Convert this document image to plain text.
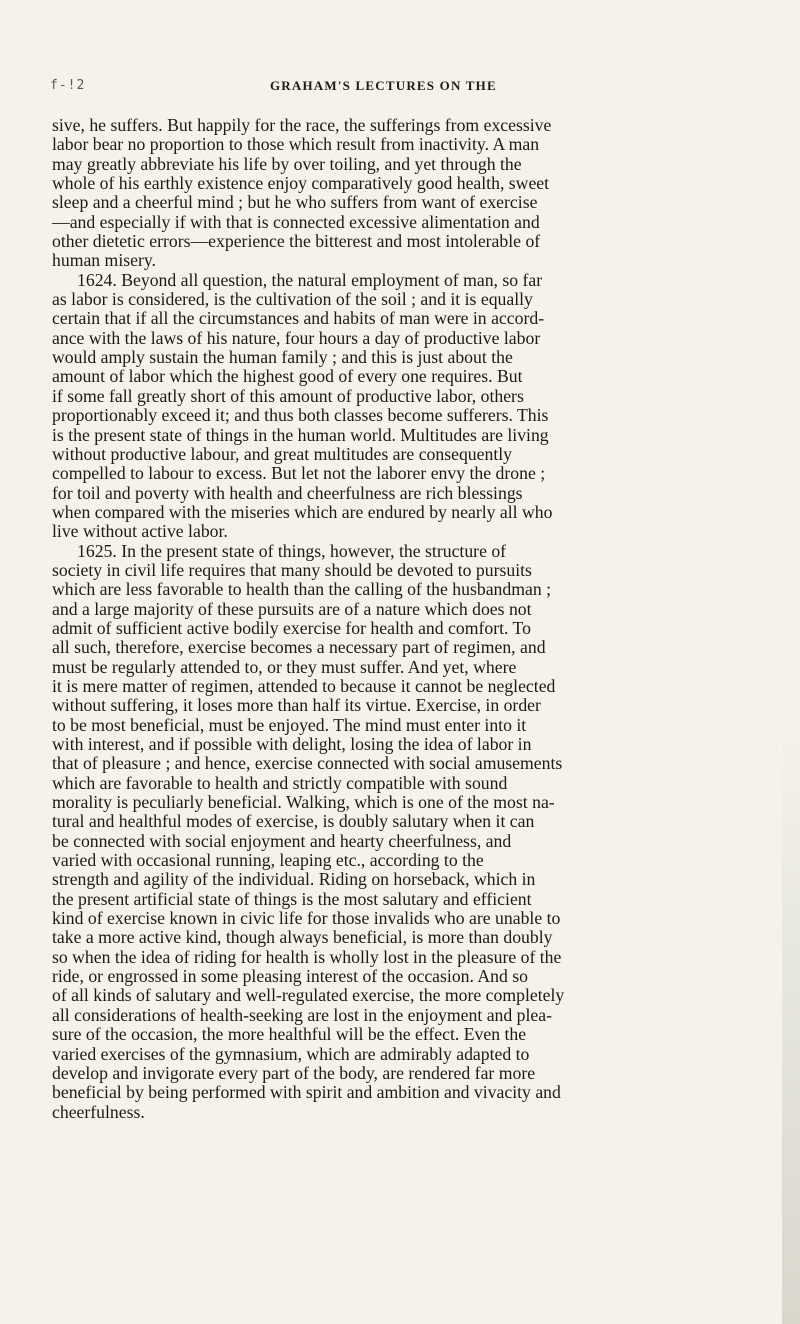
f-!2	GRAHAM'S LECTURES ON THE
sive, he suffers. But happily for the race, the sufferings from excessive
labor bear no proportion to those which result from inactivity. A man
may greatly abbreviate his life by over toiling, and yet through the
whole of his earthly existence enjoy comparatively good health, sweet
sleep and a cheerful mind ; but he who suffers from want of exercise
—and especially if with that is connected excessive alimentation and
other dietetic errors—experience the bitterest and most intolerable of
human misery.
1624. Beyond all question, the natural employment of man, so far
as labor is considered, is the cultivation of the soil ; and it is equally
certain that if all the circumstances and habits of man were in accord-
ance with the laws of his nature, four hours a day of productive labor
would amply sustain the human family ; and this is just about the
amount of labor which the highest good of every one requires. But
if some fall greatly short of this amount of productive labor, others
proportionably exceed it; and thus both classes become sufferers. This
is the present state of things in the human world. Multitudes are living
without productive labour, and great multitudes are consequently
compelled to labour to excess. But let not the laborer envy the drone ;
for toil and poverty with health and cheerfulness are rich blessings
when compared with the miseries which are endured by nearly all who
live without active labor.
1625. In the present state of things, however, the structure of
society in civil life requires that many should be devoted to pursuits
which are less favorable to health than the calling of the husbandman ;
and a large majority of these pursuits are of a nature which does not
admit of sufficient active bodily exercise for health and comfort. To
all such, therefore, exercise becomes a necessary part of regimen, and
must be regularly attended to, or they must suffer. And yet, where
it is mere matter of regimen, attended to because it cannot be neglected
without suffering, it loses more than half its virtue. Exercise, in order
to be most beneficial, must be enjoyed. The mind must enter into it
with interest, and if possible with delight, losing the idea of labor in
that of pleasure ; and hence, exercise connected with social amusements
which are favorable to health and strictly compatible with sound
morality is peculiarly beneficial. Walking, which is one of the most na-
tural and healthful modes of exercise, is doubly salutary when it can
be connected with social enjoyment and hearty cheerfulness, and
varied with occasional running, leaping etc., according to the
strength and agility of the individual. Riding on horseback, which in
the present artificial state of things is the most salutary and efficient
kind of exercise known in civic life for those invalids who are unable to
take a more active kind, though always beneficial, is more than doubly
so when the idea of riding for health is wholly lost in the pleasure of the
ride, or engrossed in some pleasing interest of the occasion. And so
of all kinds of salutary and well-regulated exercise, the more completely
all considerations of health-seeking are lost in the enjoyment and plea-
sure of the occasion, the more healthful will be the effect. Even the
varied exercises of the gymnasium, which are admirably adapted to
develop and invigorate every part of the body, are rendered far more
beneficial by being performed with spirit and ambition and vivacity and
cheerfulness.
